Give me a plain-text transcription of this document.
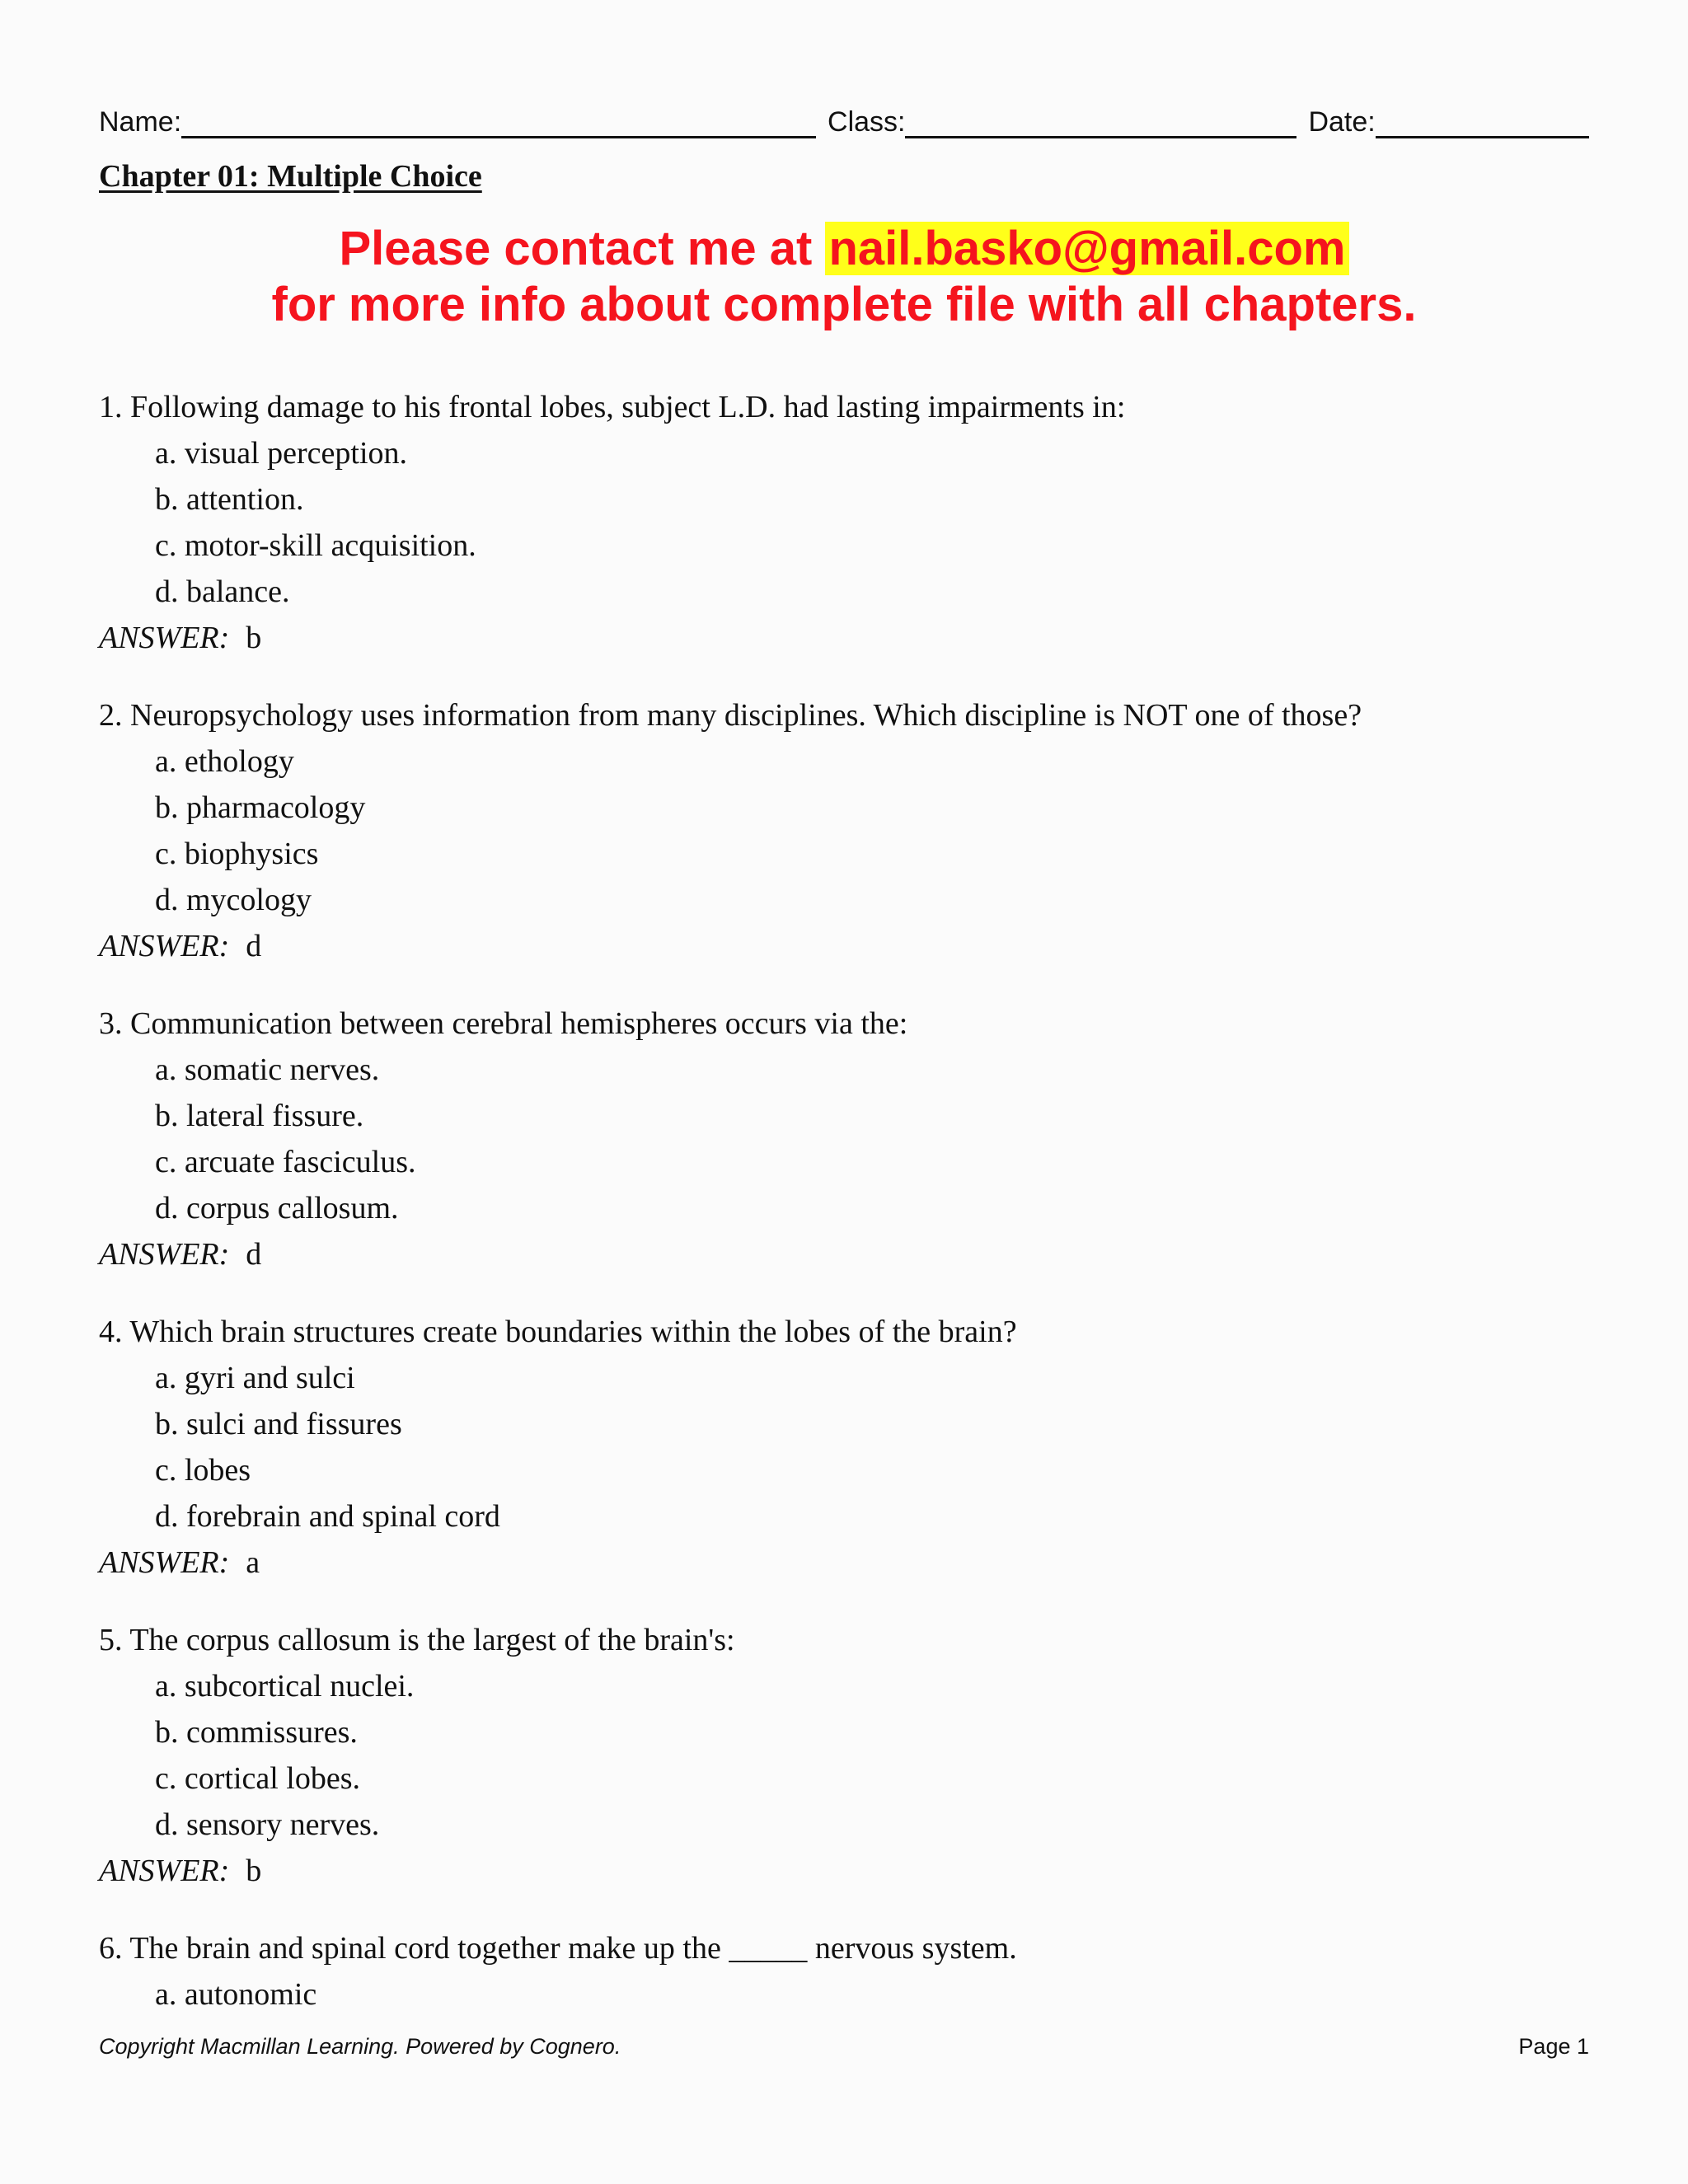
Name:	Class:	Date:
Chapter 01: Multiple Choice
Please contact me at nail.basko@gmail.com
for more info about complete file with all chapters.
1. Following damage to his frontal lobes, subject L.D. had lasting impairments in:
a. visual perception.
b. attention.
c. motor-skill acquisition.
d. balance.
ANSWER: b
2. Neuropsychology uses information from many disciplines. Which discipline is NOT one of those?
a. ethology
b. pharmacology
c. biophysics
d. mycology
ANSWER: d
3. Communication between cerebral hemispheres occurs via the:
a. somatic nerves.
b. lateral fissure.
c. arcuate fasciculus.
d. corpus callosum.
ANSWER: d
4. Which brain structures create boundaries within the lobes of the brain?
a. gyri and sulci
b. sulci and fissures
c. lobes
d. forebrain and spinal cord
ANSWER: a
5. The corpus callosum is the largest of the brain's:
a. subcortical nuclei.
b. commissures.
c. cortical lobes.
d. sensory nerves.
ANSWER: b
6. The brain and spinal cord together make up the _____ nervous system.
a. autonomic
Copyright Macmillan Learning. Powered by Cognero.	Page 1
